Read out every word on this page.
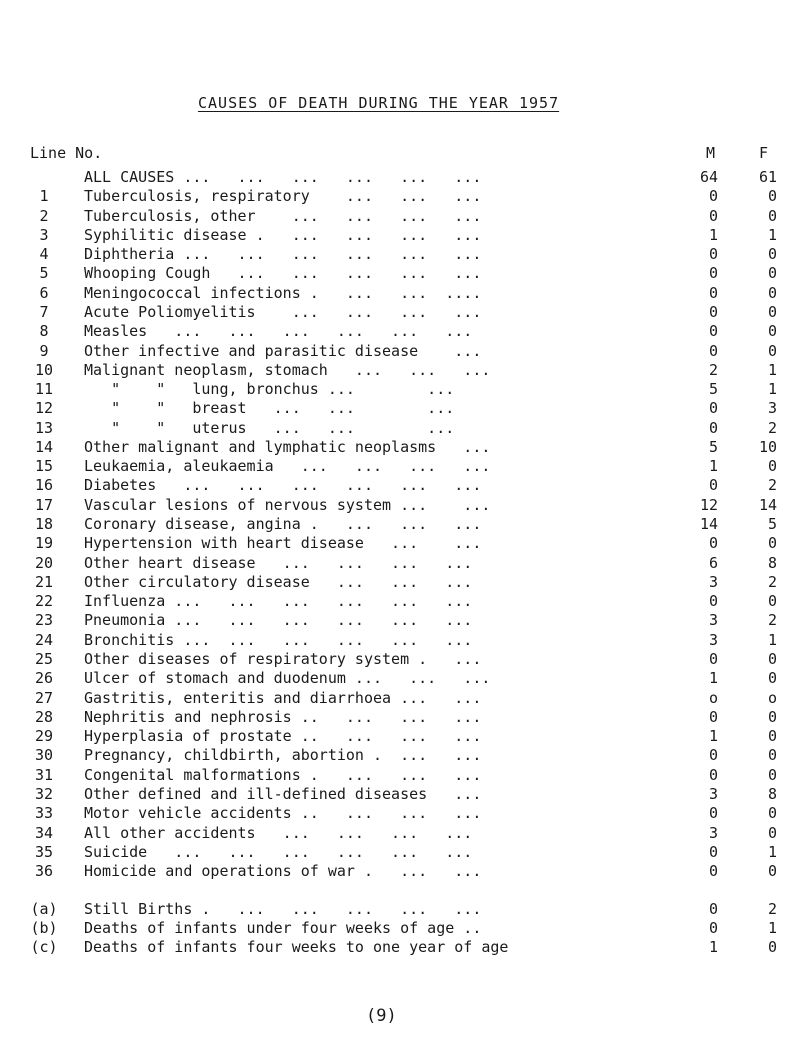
CAUSES OF DEATH DURING THE YEAR 1957
Line No.	M	F
ALL CAUSES ...   ...   ...   ...   ...   ...	64	61
1	Tuberculosis, respiratory    ...   ...   ...	0	0
2	Tuberculosis, other    ...   ...   ...   ...	0	0
3	Syphilitic disease .   ...   ...   ...   ...	1	1
4	Diphtheria ...   ...   ...   ...   ...   ...	0	0
5	Whooping Cough   ...   ...   ...   ...   ...	0	0
6	Meningococcal infections .   ...   ...  ....	0	0
7	Acute Poliomyelitis    ...   ...   ...   ...	0	0
8	Measles   ...   ...   ...   ...   ...   ...	0	0
9	Other infective and parasitic disease    ...	0	0
10	Malignant neoplasm, stomach   ...   ...   ...	2	1
11	"    "   lung, bronchus ...        ...	5	1
12	"    "   breast   ...   ...        ...	0	3
13	"    "   uterus   ...   ...        ...	0	2
14	Other malignant and lymphatic neoplasms   ...	5	10
15	Leukaemia, aleukaemia   ...   ...   ...   ...	1	0
16	Diabetes   ...   ...   ...   ...   ...   ...	0	2
17	Vascular lesions of nervous system ...    ...	12	14
18	Coronary disease, angina .   ...   ...   ...	14	5
19	Hypertension with heart disease   ...    ...	0	0
20	Other heart disease   ...   ...   ...   ...	6	8
21	Other circulatory disease   ...   ...   ...	3	2
22	Influenza ...   ...   ...   ...   ...   ...	0	0
23	Pneumonia ...   ...   ...   ...   ...   ...	3	2
24	Bronchitis ...  ...   ...   ...   ...   ...	3	1
25	Other diseases of respiratory system .   ...	0	0
26	Ulcer of stomach and duodenum ...   ...   ...	1	0
27	Gastritis, enteritis and diarrhoea ...   ...	o	o
28	Nephritis and nephrosis ..   ...   ...   ...	0	0
29	Hyperplasia of prostate ..   ...   ...   ...	1	0
30	Pregnancy, childbirth, abortion .  ...   ...	0	0
31	Congenital malformations .   ...   ...   ...	0	0
32	Other defined and ill-defined diseases   ...	3	8
33	Motor vehicle accidents ..   ...   ...   ...	0	0
34	All other accidents   ...   ...   ...   ...	3	0
35	Suicide   ...   ...   ...   ...   ...   ...	0	1
36	Homicide and operations of war .   ...   ...	0	0
(a) Still Births .   ...   ...   ...   ...   ...	0	2
(b) Deaths of infants under four weeks of age ..	0	1
(c) Deaths of infants four weeks to one year of age	1	0
(9)
